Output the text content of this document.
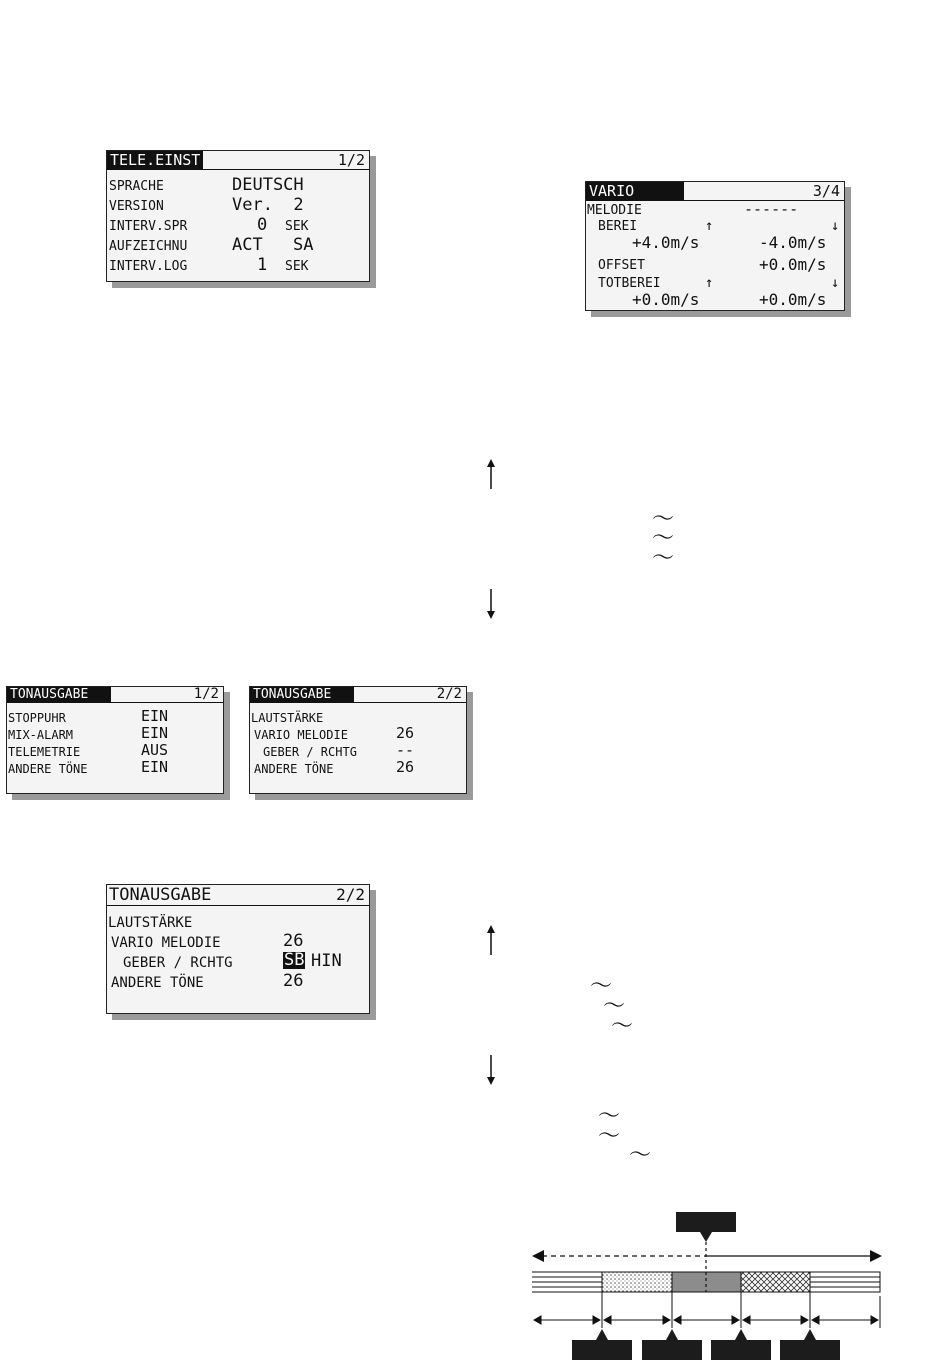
TELE.EINST	1/2
SPRACHE	DEUTSCH
VERSION	Ver.  2
INTERV.SPR	0 SEK
AUFZEICHNU	ACT SA
INTERV.LOG	1 SEK
VARIO	3/4
MELODIE	------
BEREI	↑	↓
+4.0m/s	-4.0m/s
OFFSET	+0.0m/s
TOTBEREI	↑	↓
+0.0m/s	+0.0m/s
TONAUSGABE	1/2
STOPPUHR	EIN
MIX-ALARM	EIN
TELEMETRIE	AUS
ANDERE TÖNE	EIN
TONAUSGABE	2/2
LAUTSTÄRKE
VARIO MELODIE	26
GEBER / RCHTG	--
ANDERE TÖNE	26
TONAUSGABE	2/2
LAUTSTÄRKE
VARIO MELODIE	26
GEBER / RCHTG	SB HIN
ANDERE TÖNE	26
〜
〜
〜
〜
〜
〜
〜
〜
〜
